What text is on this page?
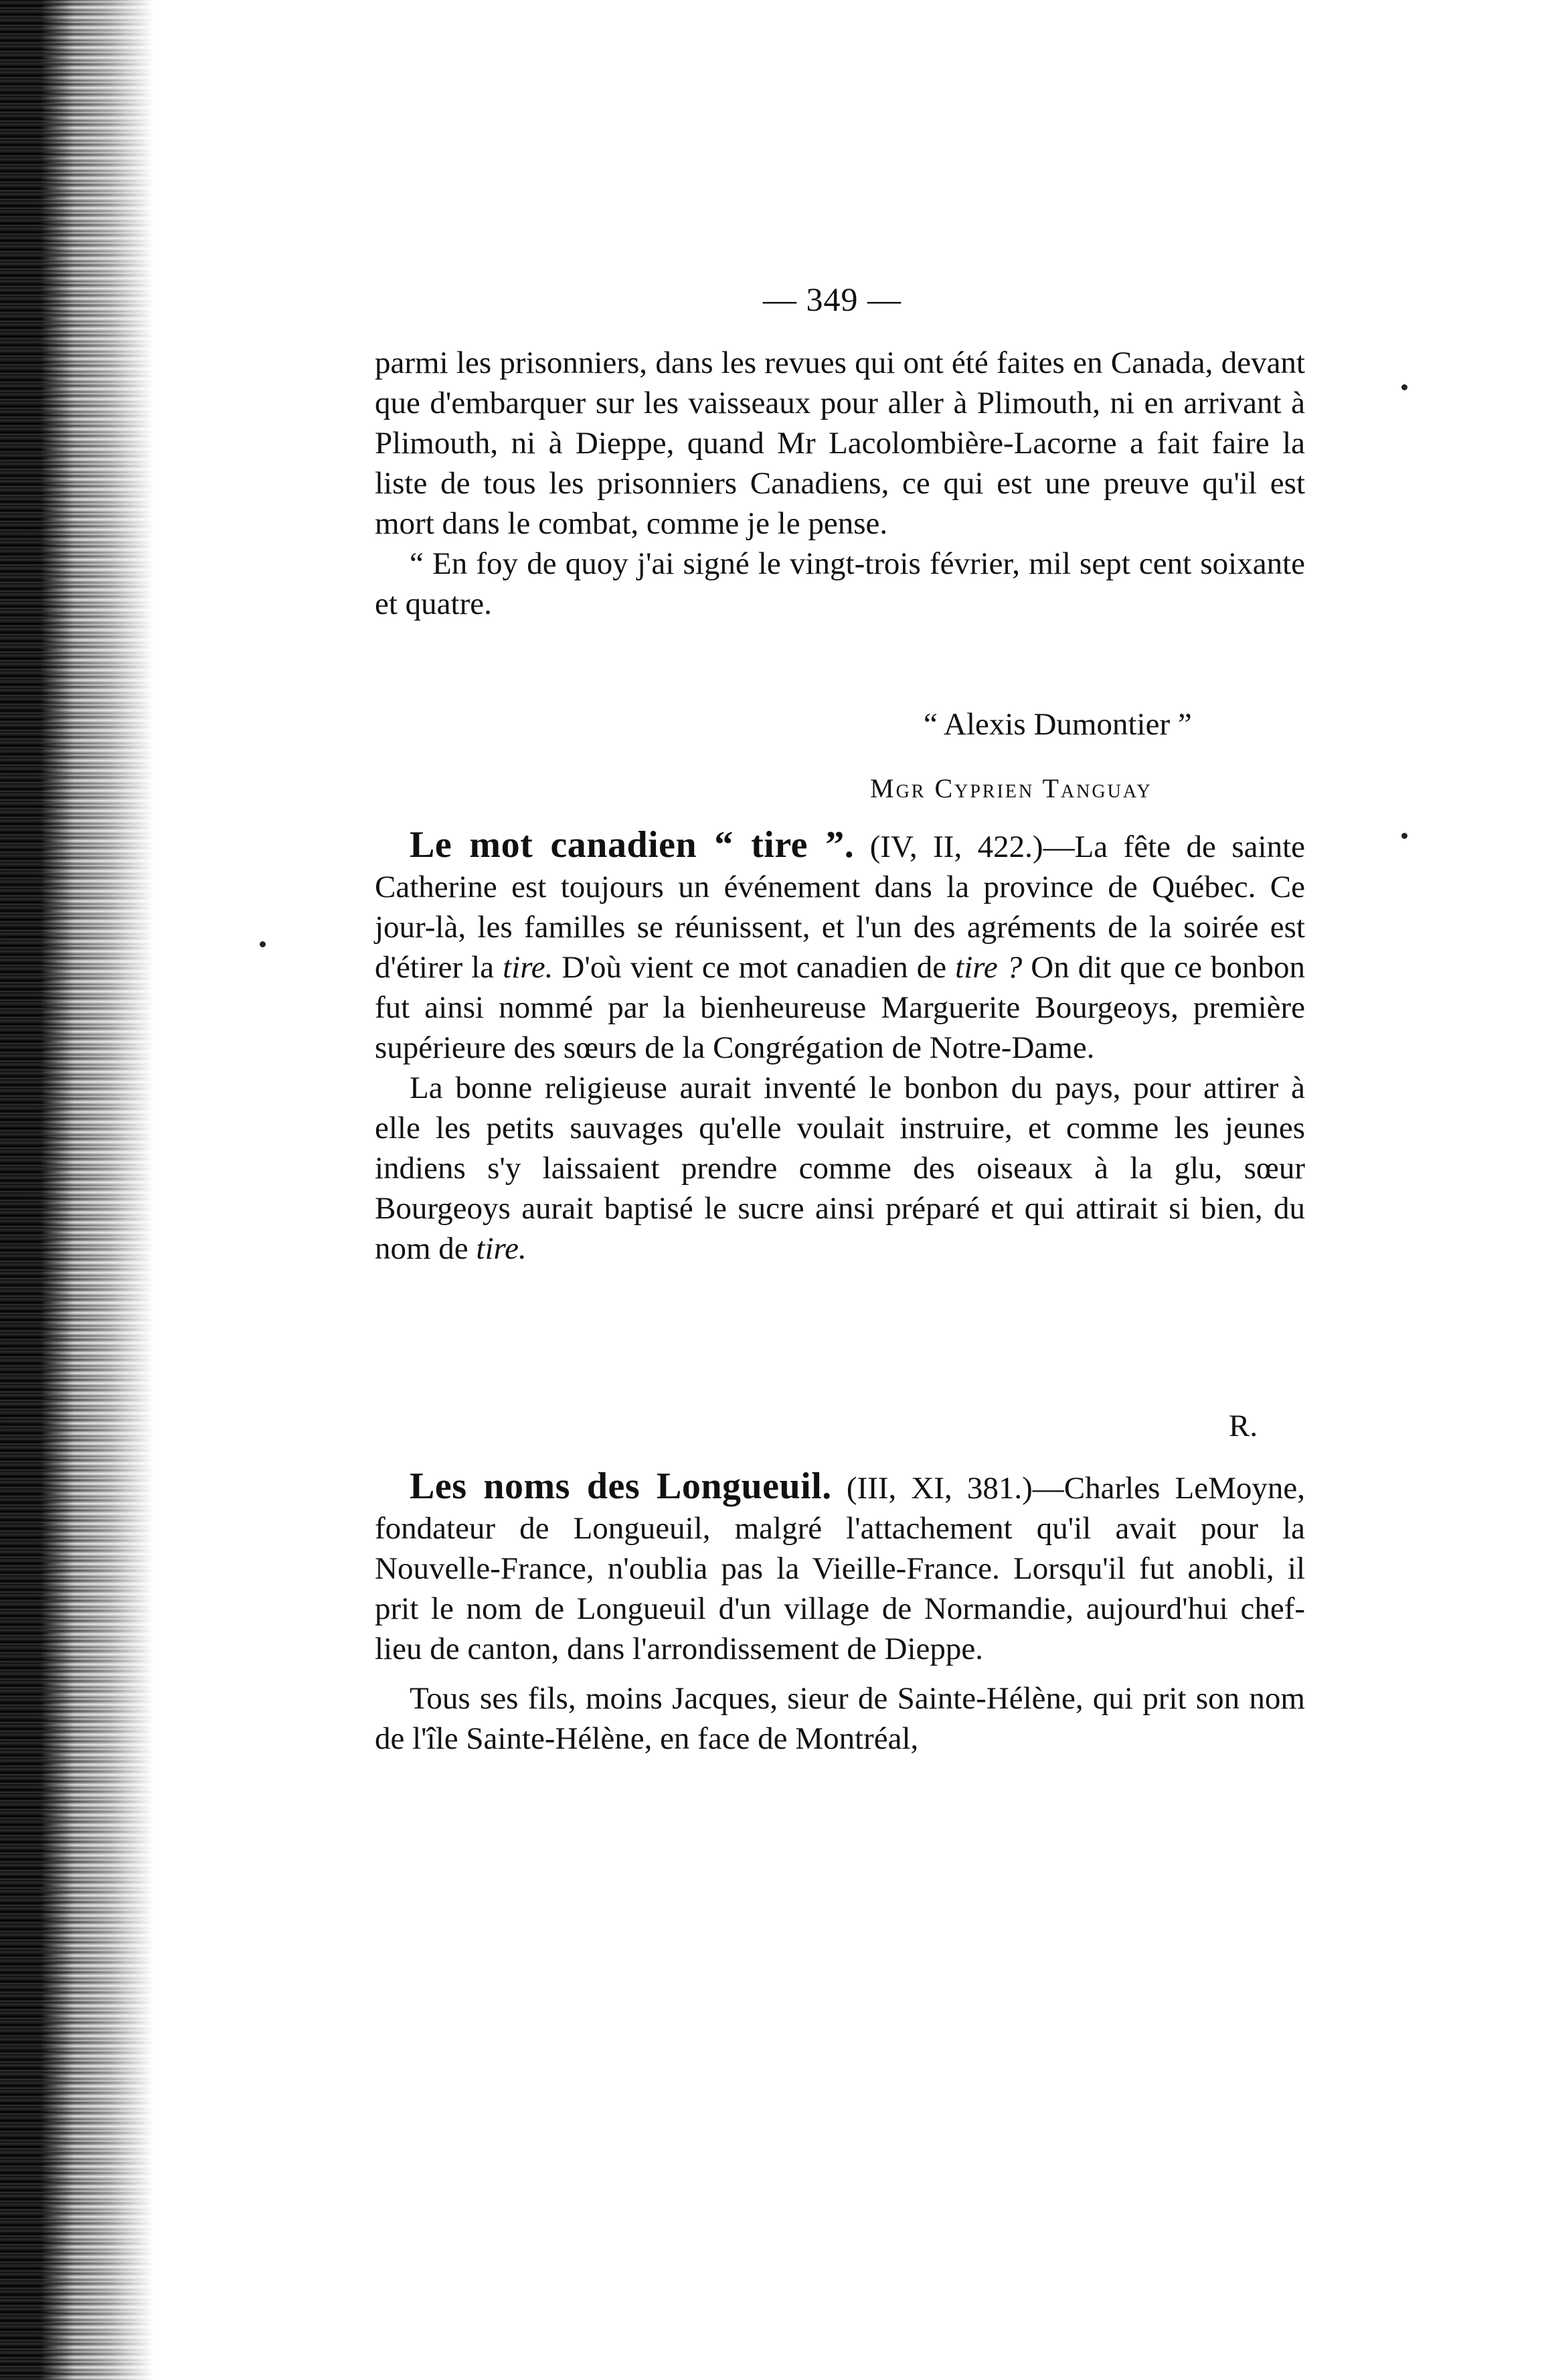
— 349 —

parmi les prisonniers, dans les revues qui ont été faites en Canada, devant que d'embarquer sur les vaisseaux pour aller à Plimouth, ni en arrivant à Plimouth, ni à Dieppe, quand Mr Lacolombière-Lacorne a fait faire la liste de tous les prisonniers Canadiens, ce qui est une preuve qu'il est mort dans le combat, comme je le pense.

“ En foy de quoy j'ai signé le vingt-trois février, mil sept cent soixante et quatre.

“ Alexis Dumontier ”
Mgr Cyprien Tanguay

Le mot canadien “ tire ”. (IV, II, 422.)—La fête de sainte Catherine est toujours un événement dans la province de Québec. Ce jour-là, les familles se réunissent, et l'un des agréments de la soirée est d'étirer la tire. D'où vient ce mot canadien de tire ? On dit que ce bonbon fut ainsi nommé par la bienheureuse Marguerite Bourgeoys, première supérieure des sœurs de la Congrégation de Notre-Dame.

La bonne religieuse aurait inventé le bonbon du pays, pour attirer à elle les petits sauvages qu'elle voulait instruire, et comme les jeunes indiens s'y laissaient prendre comme des oiseaux à la glu, sœur Bourgeoys aurait baptisé le sucre ainsi préparé et qui attirait si bien, du nom de tire.

R.

Les noms des Longueuil. (III, XI, 381.)—Charles LeMoyne, fondateur de Longueuil, malgré l'attachement qu'il avait pour la Nouvelle-France, n'oublia pas la Vieille-France. Lorsqu'il fut anobli, il prit le nom de Longueuil d'un village de Normandie, aujourd'hui chef-lieu de canton, dans l'arrondissement de Dieppe.

Tous ses fils, moins Jacques, sieur de Sainte-Hélène, qui prit son nom de l'île Sainte-Hélène, en face de Montréal,
